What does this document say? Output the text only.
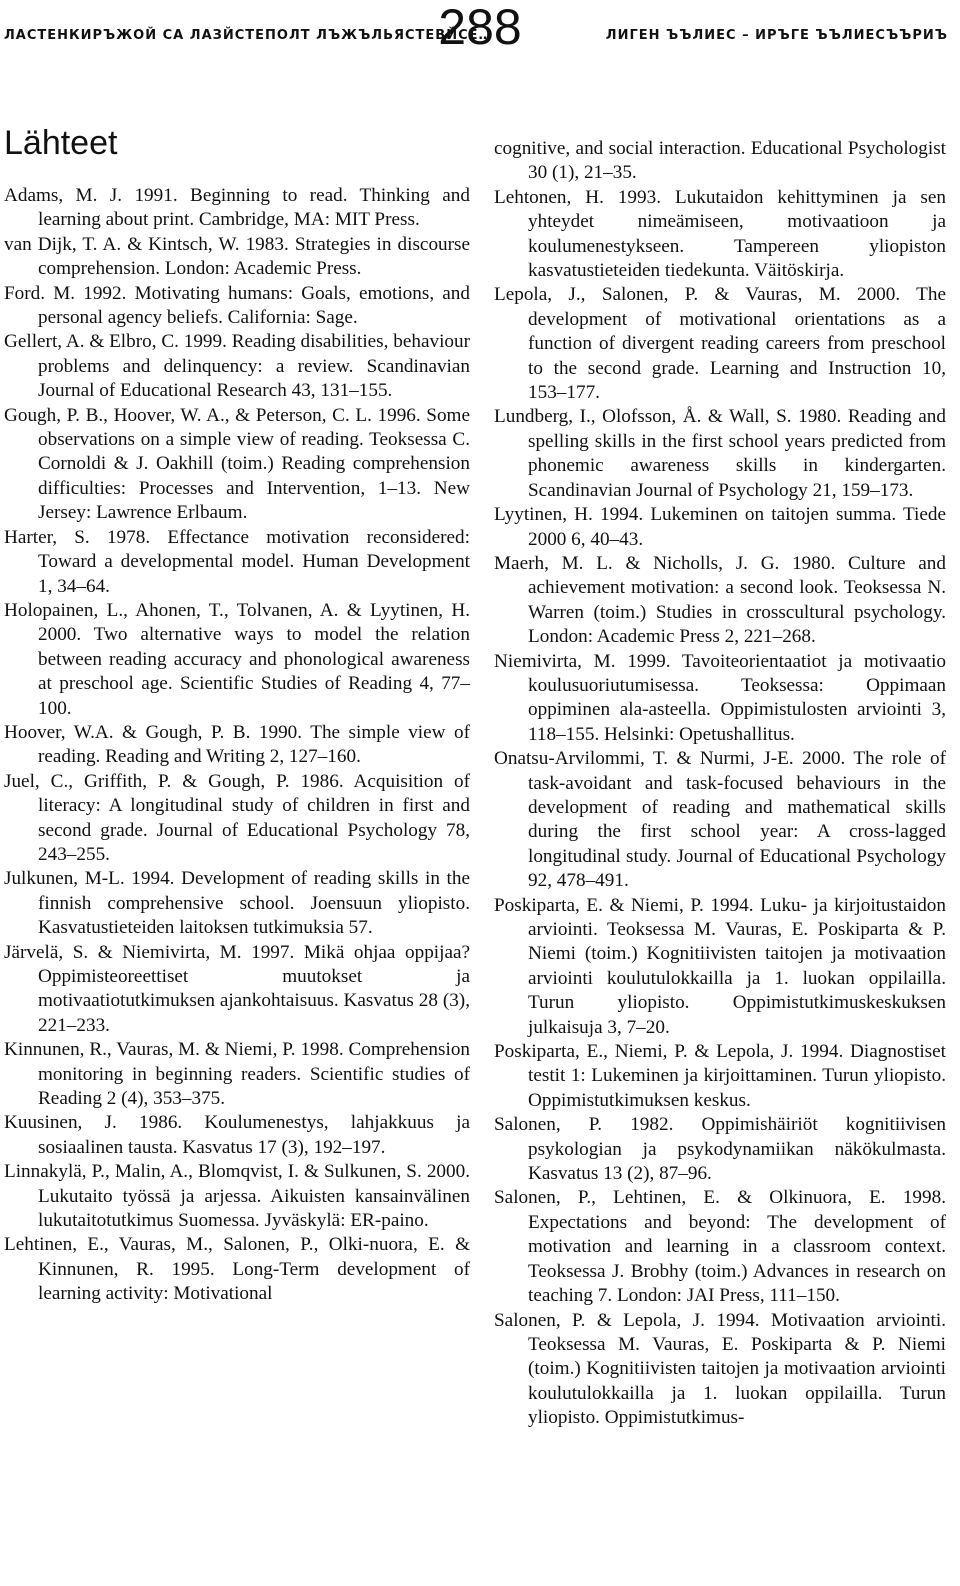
ЛАСТЕНКИРЪЖОЙ СА ЛАЗЙСТЕПОЛТ ЛЪЖЪЛЬЯСТЕВЙСЕ…
288	ЛИГЕН ЪЪЛИЕС – ИРЪГЕ ЪЪЛИЕСЪЪРИЪ
Lähteet

Adams, M. J. 1991. Beginning to read. Thinking and learning about print. Cambridge, MA: MIT Press.

van Dijk, T. A. & Kintsch, W. 1983. Strategies in discourse comprehension. London: Academic Press.

Ford. M. 1992. Motivating humans: Goals, emotions, and personal agency beliefs. California: Sage.

Gellert, A. & Elbro, C. 1999. Reading disabilities, behaviour problems and delinquency: a review. Scandinavian Journal of Educational Research 43, 131–155.

Gough, P. B., Hoover, W. A., & Peterson, C. L. 1996. Some observations on a simple view of reading. Teoksessa C. Cornoldi & J. Oakhill (toim.) Reading comprehension difficulties: Processes and Intervention, 1–13. New Jersey: Lawrence Erlbaum.

Harter, S. 1978. Effectance motivation reconsidered: Toward a developmental model. Human Development 1, 34–64.

Holopainen, L., Ahonen, T., Tolvanen, A. & Lyytinen, H. 2000. Two alternative ways to model the relation between reading accuracy and phonological awareness at preschool age. Scientific Studies of Reading 4, 77–100.

Hoover, W.A. & Gough, P. B. 1990. The simple view of reading. Reading and Writing 2, 127–160.

Juel, C., Griffith, P. & Gough, P. 1986. Acquisition of literacy: A longitudinal study of children in first and second grade. Journal of Educational Psychology 78, 243–255.

Julkunen, M-L. 1994. Development of reading skills in the finnish comprehensive school. Joensuun yliopisto. Kasvatustieteiden laitoksen tutkimuksia 57.

Järvelä, S. & Niemivirta, M. 1997. Mikä ohjaa oppijaa? Oppimisteoreettiset muutokset ja motivaatiotutkimuksen ajankohtaisuus. Kasvatus 28 (3), 221–233.

Kinnunen, R., Vauras, M. & Niemi, P. 1998. Comprehension monitoring in beginning readers. Scientific studies of Reading 2 (4), 353–375.

Kuusinen, J. 1986. Koulumenestys, lahjakkuus ja sosiaalinen tausta. Kasvatus 17 (3), 192–197.

Linnakylä, P., Malin, A., Blomqvist, I. & Sulkunen, S. 2000. Lukutaito työssä ja arjessa. Aikuisten kansainvälinen lukutaitotutkimus Suomessa. Jyväskylä: ER-paino.

Lehtinen, E., Vauras, M., Salonen, P., Olki-nuora, E. & Kinnunen, R. 1995. Long-Term development of learning activity: Motivational

cognitive, and social interaction. Educational Psychologist 30 (1), 21–35.

Lehtonen, H. 1993. Lukutaidon kehittyminen ja sen yhteydet nimeämiseen, motivaatioon ja koulumenestykseen. Tampereen yliopiston kasvatustieteiden tiedekunta. Väitöskirja.

Lepola, J., Salonen, P. & Vauras, M. 2000. The development of motivational orientations as a function of divergent reading careers from preschool to the second grade. Learning and Instruction 10, 153–177.

Lundberg, I., Olofsson, Å. & Wall, S. 1980. Reading and spelling skills in the first school years predicted from phonemic awareness skills in kindergarten. Scandinavian Journal of Psychology 21, 159–173.

Lyytinen, H. 1994. Lukeminen on taitojen summa. Tiede 2000 6, 40–43.

Maerh, M. L. & Nicholls, J. G. 1980. Culture and achievement motivation: a second look. Teoksessa N. Warren (toim.) Studies in crosscultural psychology. London: Academic Press 2, 221–268.

Niemivirta, M. 1999. Tavoiteorientaatiot ja motivaatio koulusuoriutumisessa. Teoksessa: Oppimaan oppiminen ala-asteella. Oppimistulosten arviointi 3, 118–155. Helsinki: Opetushallitus.

Onatsu-Arvilommi, T. & Nurmi, J-E. 2000. The role of task-avoidant and task-focused behaviours in the development of reading and mathematical skills during the first school year: A cross-lagged longitudinal study. Journal of Educational Psychology 92, 478–491.

Poskiparta, E. & Niemi, P. 1994. Luku- ja kirjoitustaidon arviointi. Teoksessa M. Vauras, E. Poskiparta & P. Niemi (toim.) Kognitiivisten taitojen ja motivaation arviointi koulutulokkailla ja 1. luokan oppilailla. Turun yliopisto. Oppimistutkimuskeskuksen julkaisuja 3, 7–20.

Poskiparta, E., Niemi, P. & Lepola, J. 1994. Diagnostiset testit 1: Lukeminen ja kirjoittaminen. Turun yliopisto. Oppimistutkimuksen keskus.

Salonen, P. 1982. Oppimishäiriöt kognitiivisen psykologian ja psykodynamiikan näkökulmasta. Kasvatus 13 (2), 87–96.

Salonen, P., Lehtinen, E. & Olkinuora, E. 1998. Expectations and beyond: The development of motivation and learning in a classroom context. Teoksessa J. Brobhy (toim.) Advances in research on teaching 7. London: JAI Press, 111–150.

Salonen, P. & Lepola, J. 1994. Motivaation arviointi. Teoksessa M. Vauras, E. Poskiparta & P. Niemi (toim.) Kognitiivisten taitojen ja motivaation arviointi koulutulokkailla ja 1. luokan oppilailla. Turun yliopisto. Oppimistutkimus-
